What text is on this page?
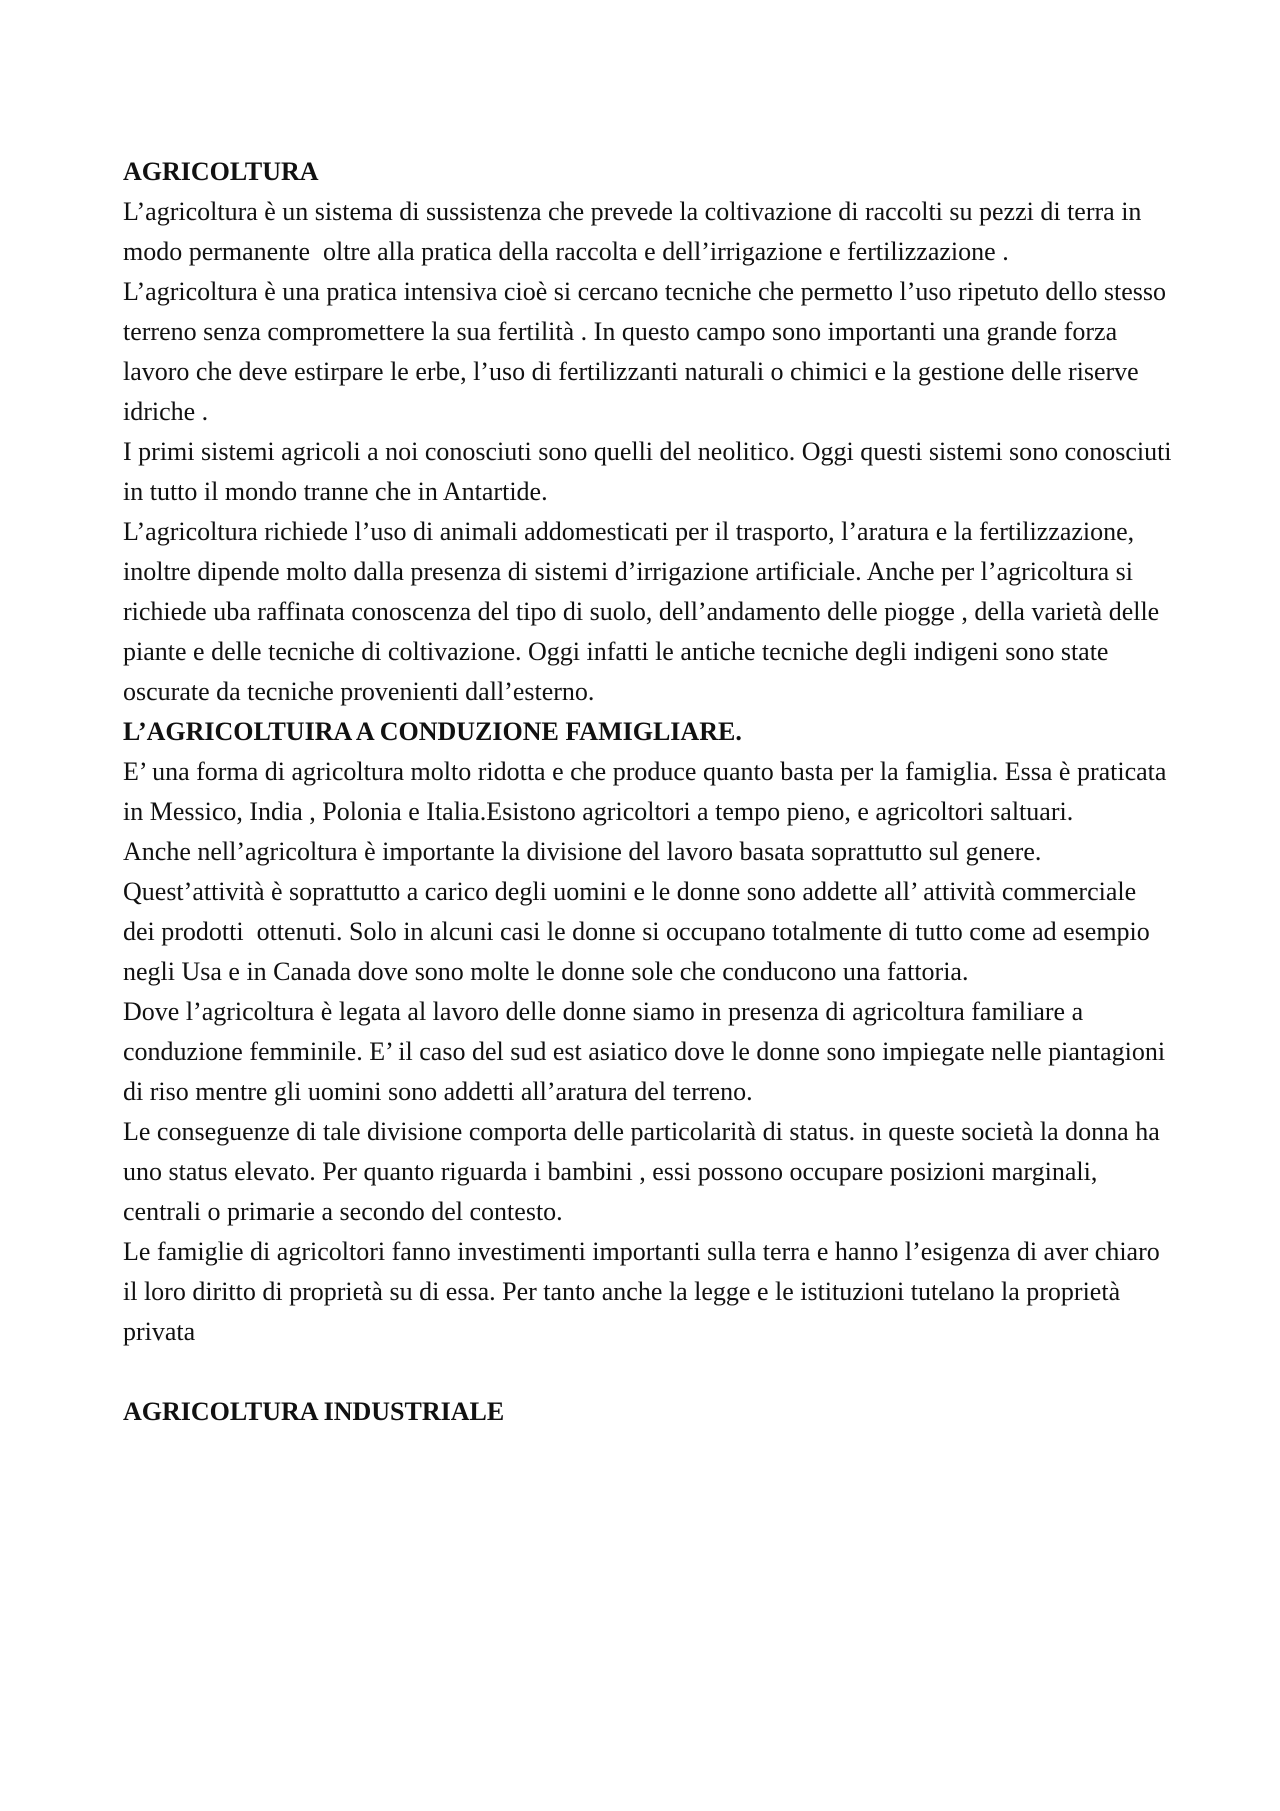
AGRICOLTURA

L’agricoltura è un sistema di sussistenza che prevede la coltivazione di raccolti su pezzi di terra in modo permanente  oltre alla pratica della raccolta e dell’irrigazione e fertilizzazione .

L’agricoltura è una pratica intensiva cioè si cercano tecniche che permetto l’uso ripetuto dello stesso terreno senza compromettere la sua fertilità . In questo campo sono importanti una grande forza lavoro che deve estirpare le erbe, l’uso di fertilizzanti naturali o chimici e la gestione delle riserve idriche .

I primi sistemi agricoli a noi conosciuti sono quelli del neolitico. Oggi questi sistemi sono conosciuti in tutto il mondo tranne che in Antartide.

L’agricoltura richiede l’uso di animali addomesticati per il trasporto, l’aratura e la fertilizzazione, inoltre dipende molto dalla presenza di sistemi d’irrigazione artificiale. Anche per l’agricoltura si richiede uba raffinata conoscenza del tipo di suolo, dell’andamento delle piogge , della varietà delle piante e delle tecniche di coltivazione. Oggi infatti le antiche tecniche degli indigeni sono state oscurate da tecniche provenienti dall’esterno.

L’AGRICOLTUIRA A CONDUZIONE FAMIGLIARE.

E’ una forma di agricoltura molto ridotta e che produce quanto basta per la famiglia. Essa è praticata in Messico, India , Polonia e Italia.Esistono agricoltori a tempo pieno, e agricoltori saltuari.

Anche nell’agricoltura è importante la divisione del lavoro basata soprattutto sul genere. Quest’attività è soprattutto a carico degli uomini e le donne sono addette all’ attività commerciale dei prodotti  ottenuti. Solo in alcuni casi le donne si occupano totalmente di tutto come ad esempio negli Usa e in Canada dove sono molte le donne sole che conducono una fattoria.

Dove l’agricoltura è legata al lavoro delle donne siamo in presenza di agricoltura familiare a conduzione femminile. E’ il caso del sud est asiatico dove le donne sono impiegate nelle piantagioni di riso mentre gli uomini sono addetti all’aratura del terreno.

Le conseguenze di tale divisione comporta delle particolarità di status. in queste società la donna ha uno status elevato. Per quanto riguarda i bambini , essi possono occupare posizioni marginali, centrali o primarie a secondo del contesto.

Le famiglie di agricoltori fanno investimenti importanti sulla terra e hanno l’esigenza di aver chiaro il loro diritto di proprietà su di essa. Per tanto anche la legge e le istituzioni tutelano la proprietà privata

AGRICOLTURA INDUSTRIALE
